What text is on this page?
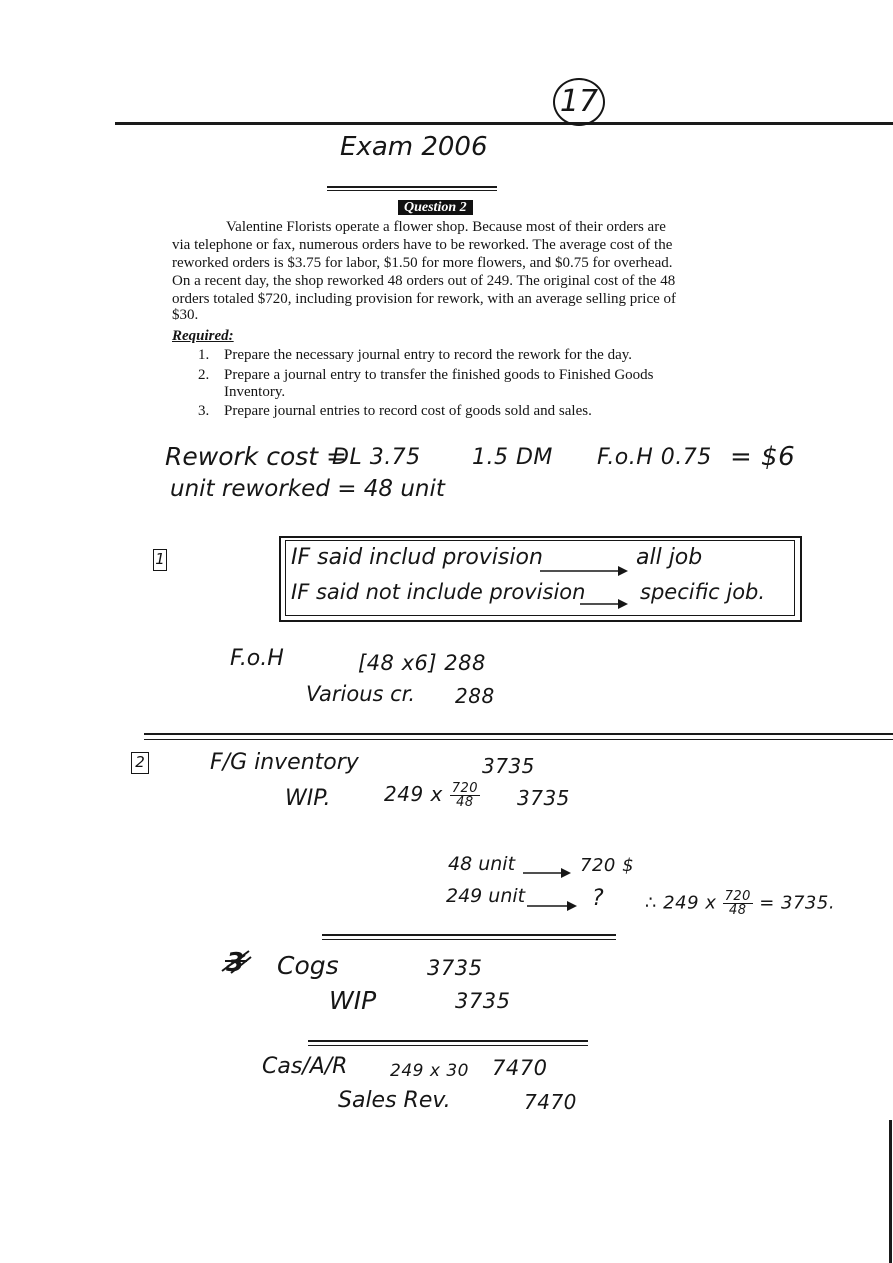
17
Exam 2006
Question 2
Valentine Florists operate a flower shop. Because most of their orders are
via telephone or fax, numerous orders have to be reworked. The average cost of the
reworked orders is $3.75 for labor, $1.50 for more flowers, and $0.75 for overhead.
On a recent day, the shop reworked 48 orders out of 249. The original cost of the 48
orders totaled $720, including provision for rework, with an average selling price of
$30.
Required:
1. Prepare the necessary journal entry to record the rework for the day.
2. Prepare a journal entry to transfer the finished goods to Finished Goods
Inventory.
3. Prepare journal entries to record cost of goods sold and sales.
Rework cost =
DL 3.75 1.5 DM F.o.H 0.75 = $6
unit reworked = 48 unit
1	IF said includ provision	all job
IF said not include provision	specific job.
F.o.H	[48 x6] 288
Various cr. 288
2	F/G inventory	3735
WIP.	249 x $\frac{720}{48} 3735$
48 unit	720 $
249 unit	? ∴ 249 x $\frac{720}{48} = 3735$.
3 Cogs	3735
WIP	3735
Cas/A/R	249 x 30 7470
Sales Rev.	7470
